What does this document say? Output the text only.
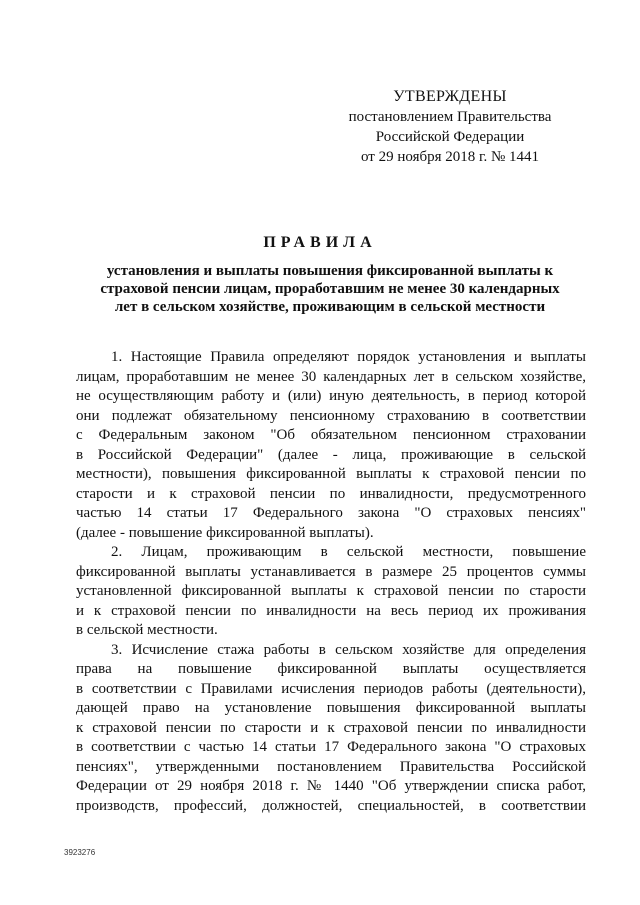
УТВЕРЖДЕНЫ
постановлением Правительства
Российской Федерации
от 29 ноября 2018 г. № 1441
ПРАВИЛА
установления и выплаты повышения фиксированной выплаты к
страховой пенсии лицам, проработавшим не менее 30 календарных
лет в сельском хозяйстве, проживающим в сельской местности
1. Настоящие Правила определяют порядок установления и выплаты
лицам, проработавшим не менее 30 календарных лет в сельском хозяйстве,
не осуществляющим работу и (или) иную деятельность, в период которой
они подлежат обязательному пенсионному страхованию в соответствии
с Федеральным законом "Об обязательном пенсионном страховании
в Российской Федерации" (далее - лица, проживающие в сельской
местности), повышения фиксированной выплаты к страховой пенсии по
старости и к страховой пенсии по инвалидности, предусмотренного
частью 14 статьи 17 Федерального закона "О страховых пенсиях"
(далее - повышение фиксированной выплаты).
2. Лицам, проживающим в сельской местности, повышение
фиксированной выплаты устанавливается в размере 25 процентов суммы
установленной фиксированной выплаты к страховой пенсии по старости
и к страховой пенсии по инвалидности на весь период их проживания
в сельской местности.
3. Исчисление стажа работы в сельском хозяйстве для определения
права на повышение фиксированной выплаты осуществляется
в соответствии с Правилами исчисления периодов работы (деятельности),
дающей право на установление повышения фиксированной выплаты
к страховой пенсии по старости и к страховой пенсии по инвалидности
в соответствии с частью 14 статьи 17 Федерального закона "О страховых
пенсиях", утвержденными постановлением Правительства Российской
Федерации от 29 ноября 2018 г. № 1440 "Об утверждении списка работ,
производств, профессий, должностей, специальностей, в соответствии
3923276
